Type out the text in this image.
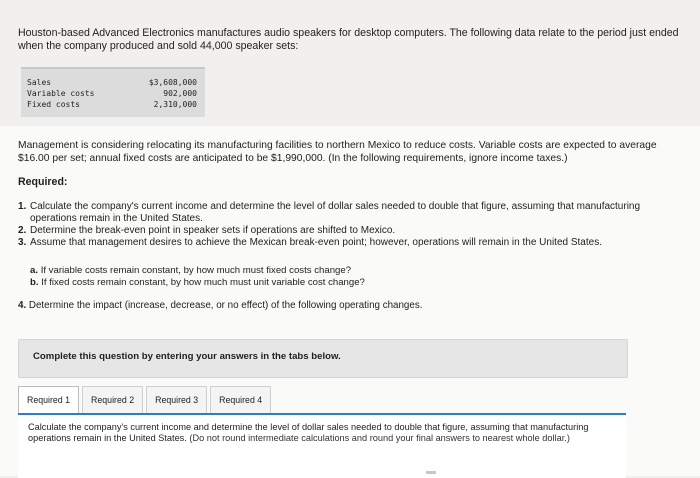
Houston-based Advanced Electronics manufactures audio speakers for desktop computers. The following data relate to the period just ended when the company produced and sold 44,000 speaker sets:
Sales	$3,608,000
Variable costs	902,000
Fixed costs	2,310,000
Management is considering relocating its manufacturing facilities to northern Mexico to reduce costs. Variable costs are expected to average $16.00 per set; annual fixed costs are anticipated to be $1,990,000. (In the following requirements, ignore income taxes.)
Required:
1. Calculate the company's current income and determine the level of dollar sales needed to double that figure, assuming that manufacturing operations remain in the United States.
2. Determine the break-even point in speaker sets if operations are shifted to Mexico.
3. Assume that management desires to achieve the Mexican break-even point; however, operations will remain in the United States.
a. If variable costs remain constant, by how much must fixed costs change?
b. If fixed costs remain constant, by how much must unit variable cost change?
4. Determine the impact (increase, decrease, or no effect) of the following operating changes.
Complete this question by entering your answers in the tabs below.
Required 1	Required 2	Required 3	Required 4
Calculate the company's current income and determine the level of dollar sales needed to double that figure, assuming that manufacturing operations remain in the United States. (Do not round intermediate calculations and round your final answers to nearest whole dollar.)
